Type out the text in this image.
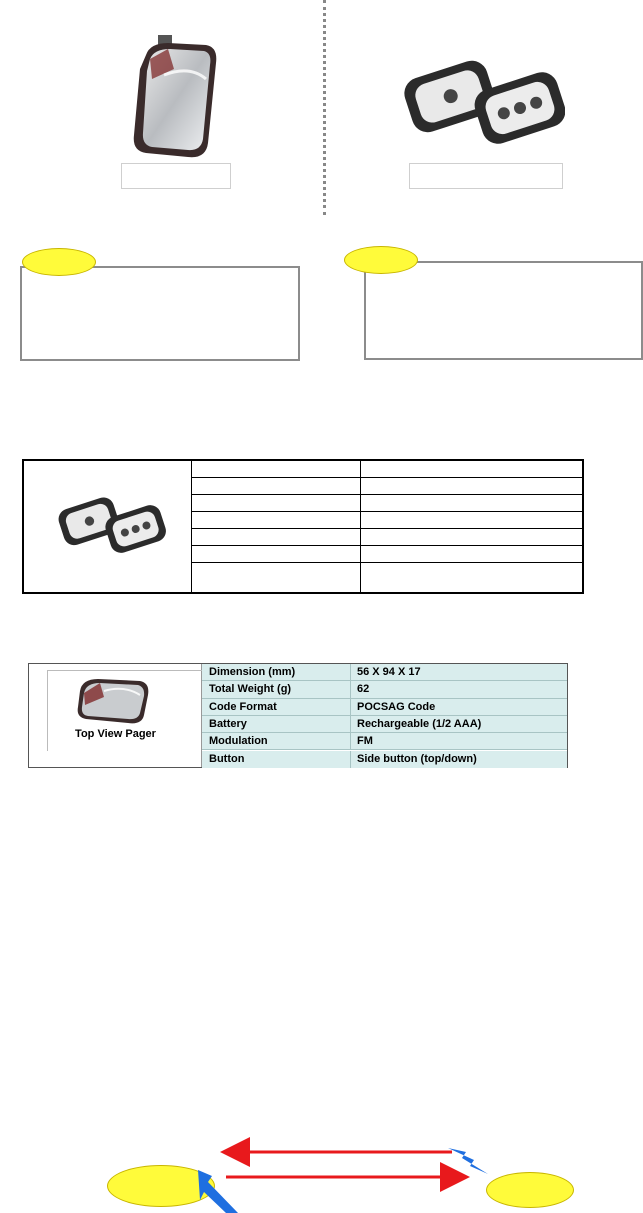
Top View Pager
Dimension (mm)	56 X 94 X 17
Total Weight (g)	62
Code Format	POCSAG Code
Battery	Rechargeable (1/2 AAA)
Modulation	FM
Button	Side button (top/down)
